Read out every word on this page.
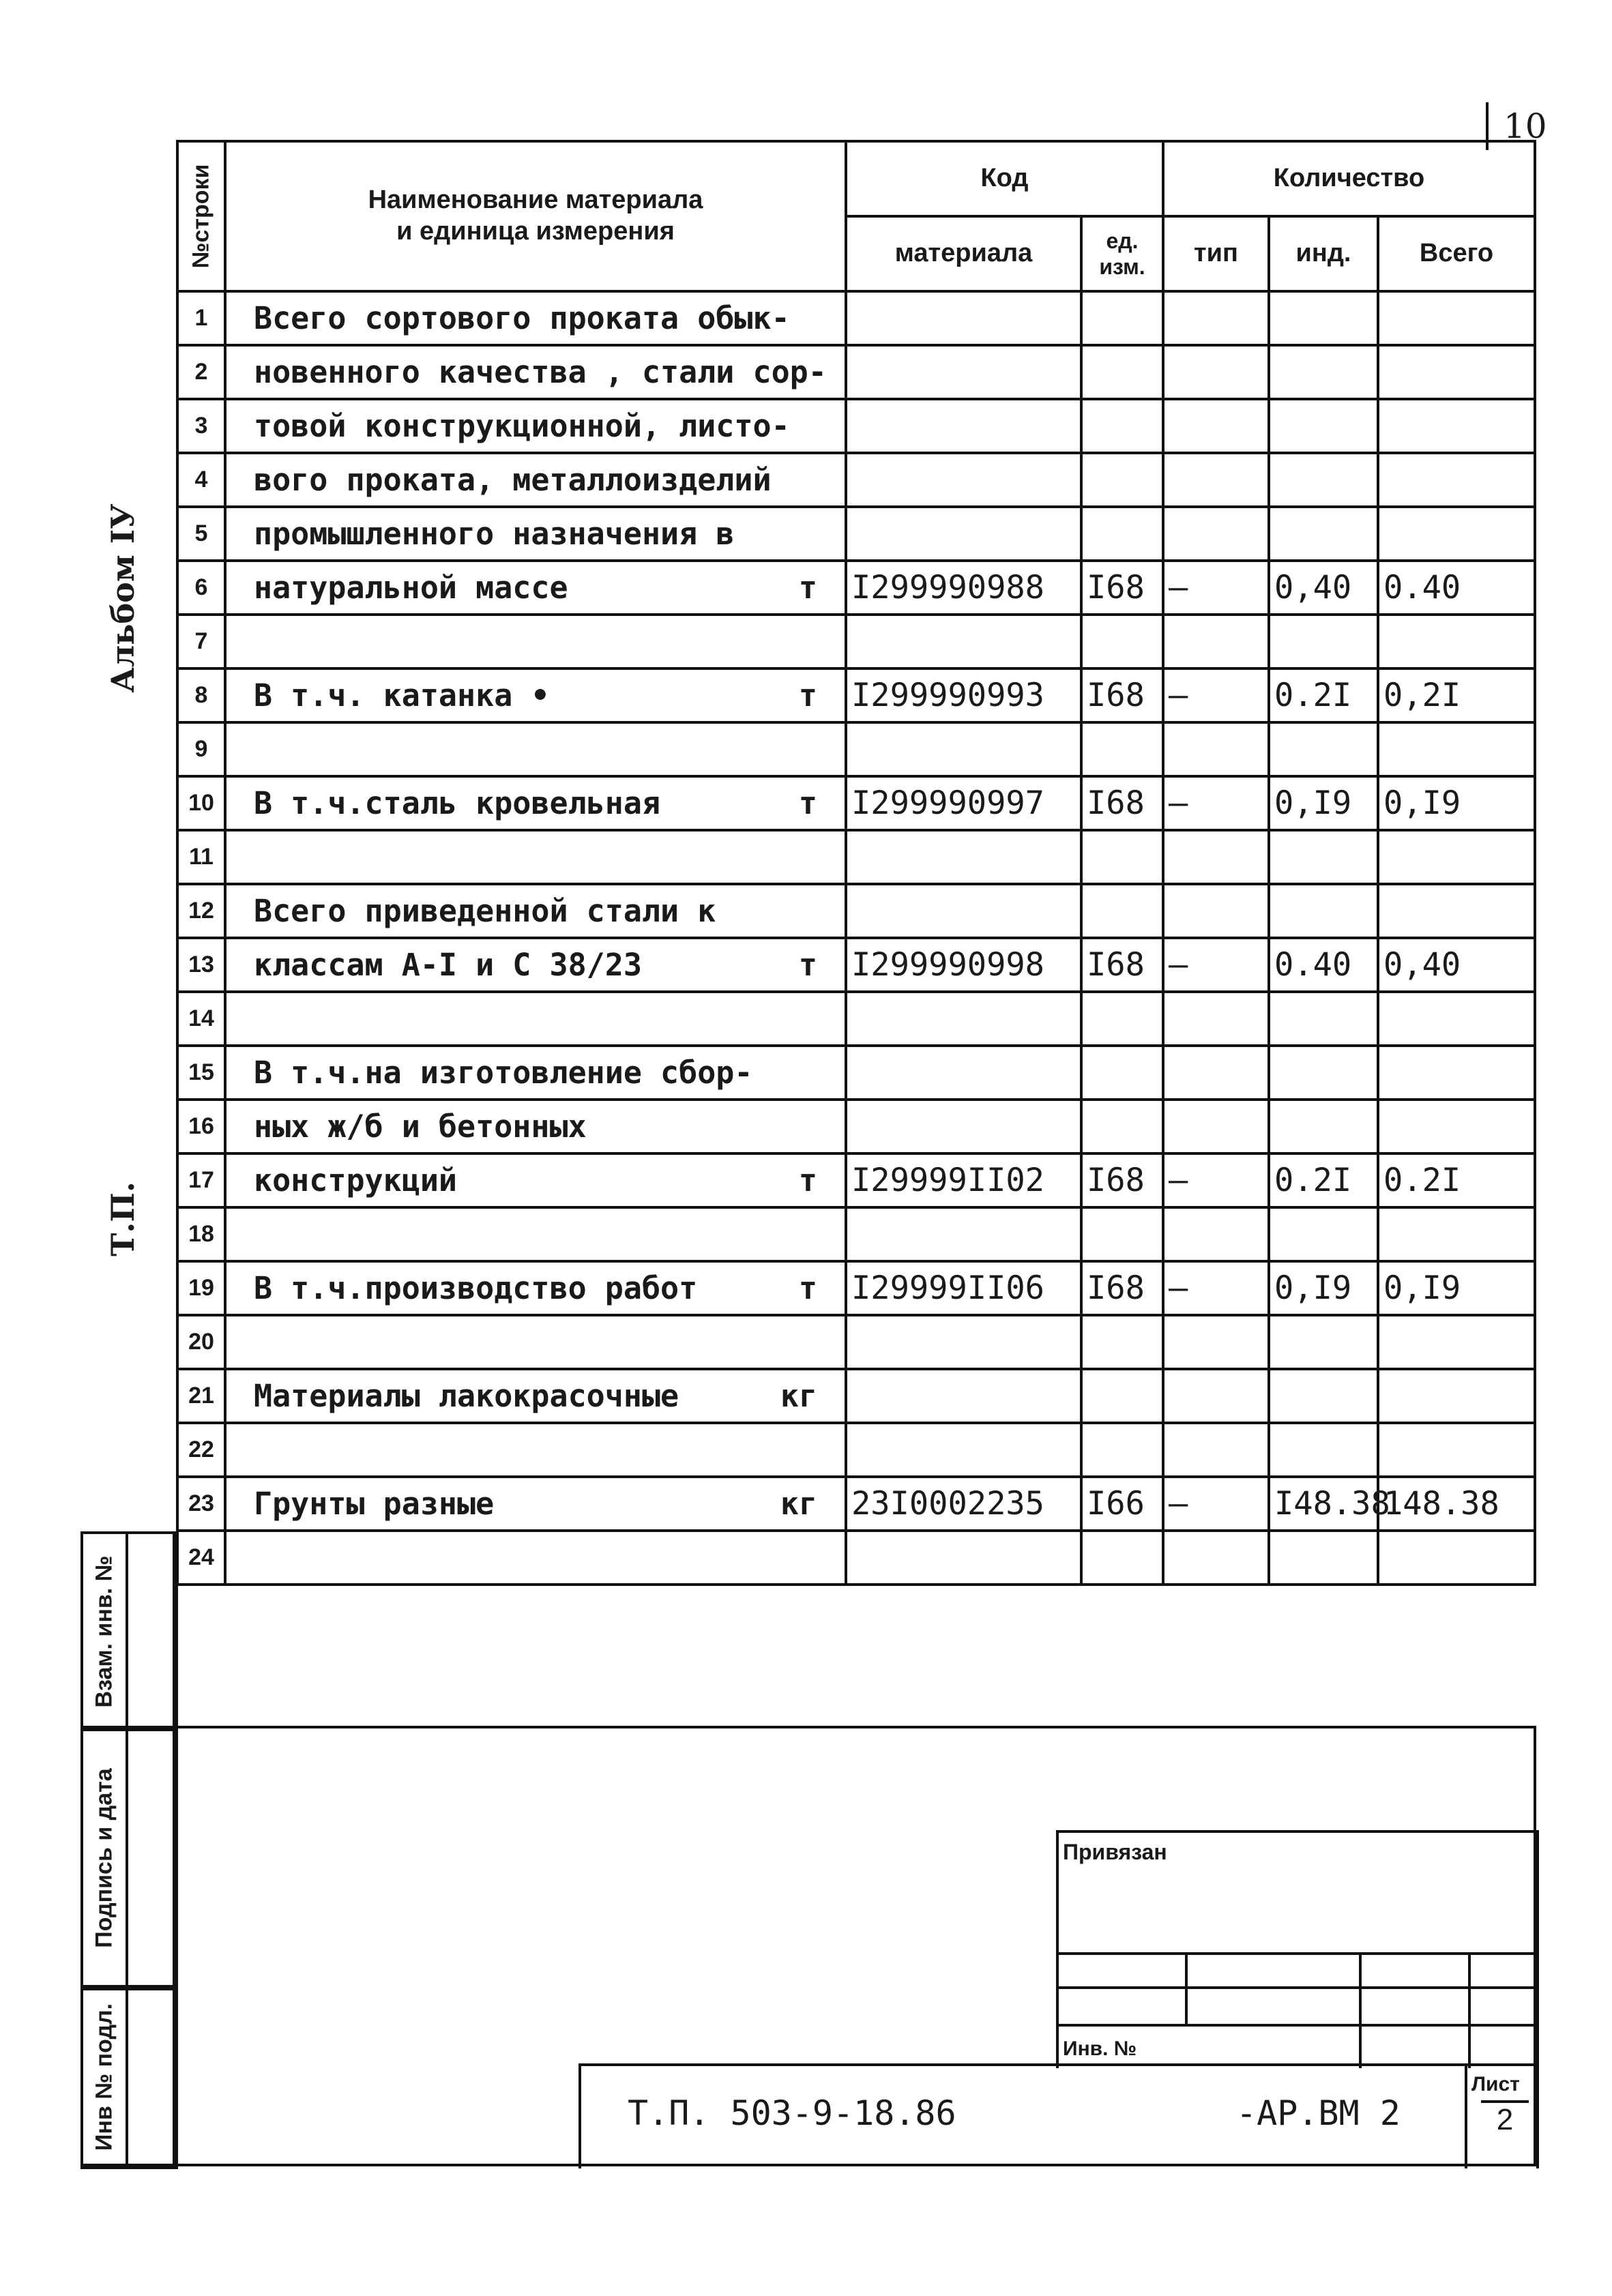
10
Альбом IУ
Т.П.
№строки	Наименование материала
и единица измерения	Код		Количество		
		материала	ед. изм.	тип	инд.	Всего
1	Всего сортового проката обык-

2	новенного качества , стали сор-

3	товой конструкционной, листо-

4	вого проката, металлоизделий

5	промышленного назначения в

6	натуральной массе т	I299990988	I68	–	0,40	0.40
7	

8	В т.ч. катанка • т	I299990993	I68	–	0.2I	0,2I
9	

10	В т.ч.сталь кровельная т	I299990997	I68	–	0,I9	0,I9
11	

12	Всего приведенной стали к

13	классам А-I и С 38/23 т	I299990998	I68	–	0.40	0,40
14	

15	В т.ч.на изготовление сбор-

16	ных ж/б и бетонных

17	конструкций т	I29999II02	I68	–	0.2I	0.2I
18	

19	В т.ч.производство работ т	I29999II06	I68	–	0,I9	0,I9
20	

21	Материалы лакокрасочные кг					

22	

23	Грунты разные кг	23I0002235	I66	–	I48.38	148.38
24	

Взам. инв. №
Подпись и дата
Инв № подл.
Привязан
Инв. №
Т.П. 503-9-18.86	-АР.ВМ 2
Лист
2
